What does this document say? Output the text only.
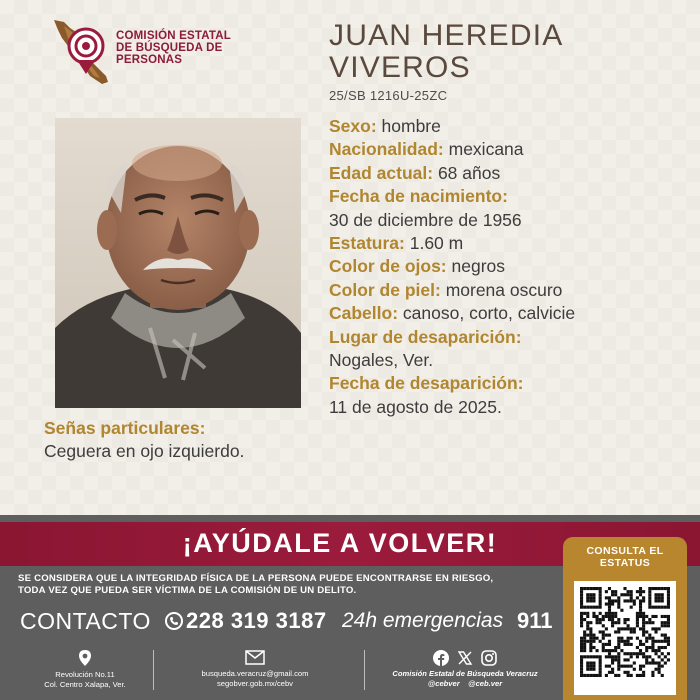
COMISIÓN ESTATAL
DE BÚSQUEDA DE
PERSONAS
JUAN HEREDIA
VIVEROS
25/SB 1216U-25ZC
Sexo: hombre
Nacionalidad: mexicana
Edad actual: 68 años
Fecha de nacimiento:
30 de diciembre de 1956
Estatura: 1.60 m
Color de ojos: negros
Color de piel: morena oscuro
Cabello: canoso, corto, calvicie
Lugar de desaparición:
Nogales, Ver.
Fecha de desaparición:
11 de agosto de 2025.
Señas particulares:
Ceguera en ojo izquierdo.
¡AYÚDALE A VOLVER!
SE CONSIDERA QUE LA INTEGRIDAD FÍSICA DE LA PERSONA PUEDE ENCONTRARSE EN RIESGO,
TODA VEZ QUE PUEDA SER VÍCTIMA DE LA COMISIÓN DE UN DELITO.
CONTACTO 228 319 3187 24h emergencias 911
Revolución No.11
Col. Centro Xalapa, Ver.
busqueda.veracruz@gmail.com
segobver.gob.mx/cebv
Comisión Estatal de Búsqueda Veracruz
@cebver @ceb.ver
CONSULTA EL
ESTATUS
